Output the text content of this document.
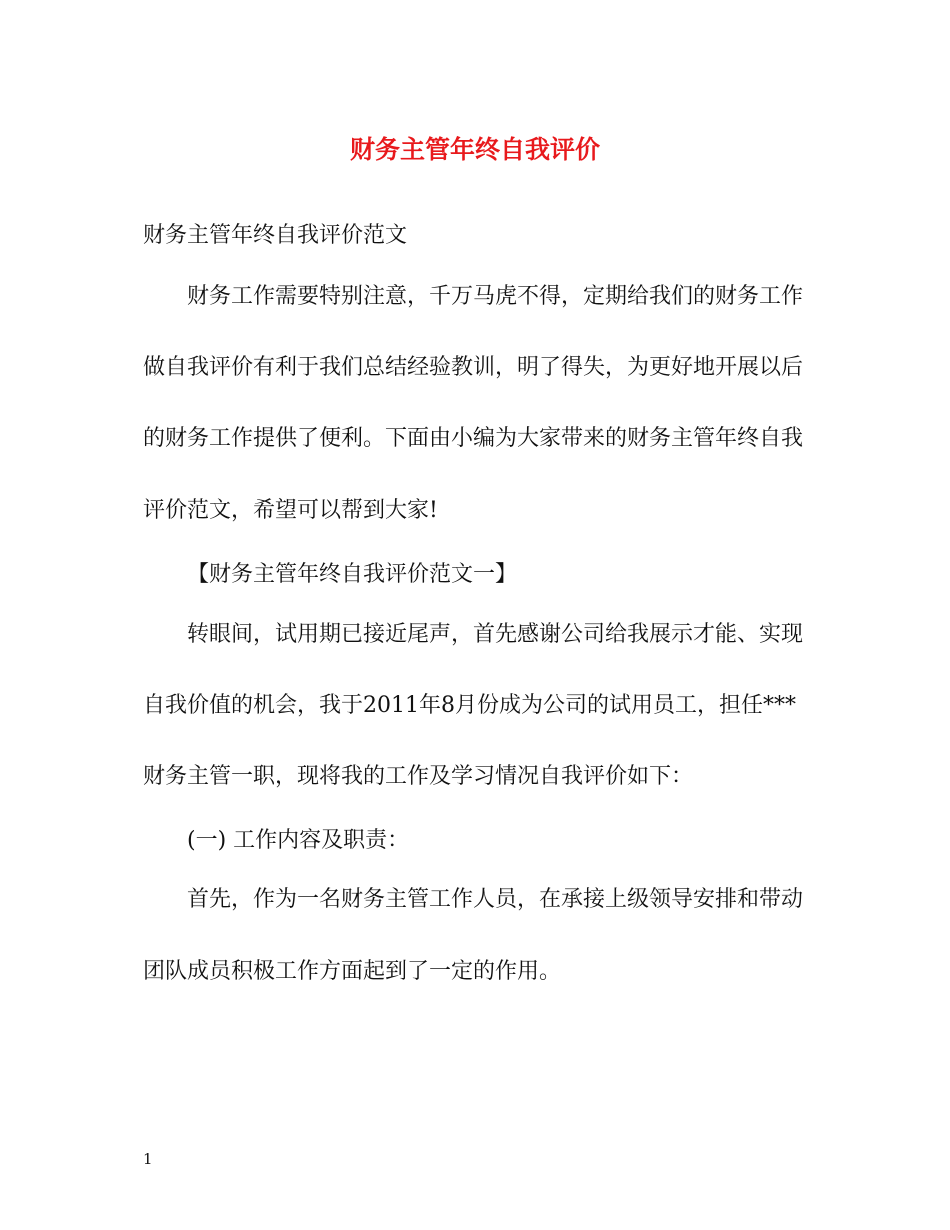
财务主管年终自我评价
财务主管年终自我评价范文
财务工作需要特别注意，千万马虎不得，定期给我们的财务工作
做自我评价有利于我们总结经验教训，明了得失，为更好地开展以后
的财务工作提供了便利。下面由小编为大家带来的财务主管年终自我
评价范文，希望可以帮到大家!
【财务主管年终自我评价范文一】
转眼间，试用期已接近尾声，首先感谢公司给我展示才能、实现
自我价值的机会，我于2011年8月份成为公司的试用员工，担任***
财务主管一职，现将我的工作及学习情况自我评价如下：
(一) 工作内容及职责：
首先，作为一名财务主管工作人员，在承接上级领导安排和带动
团队成员积极工作方面起到了一定的作用。
1
